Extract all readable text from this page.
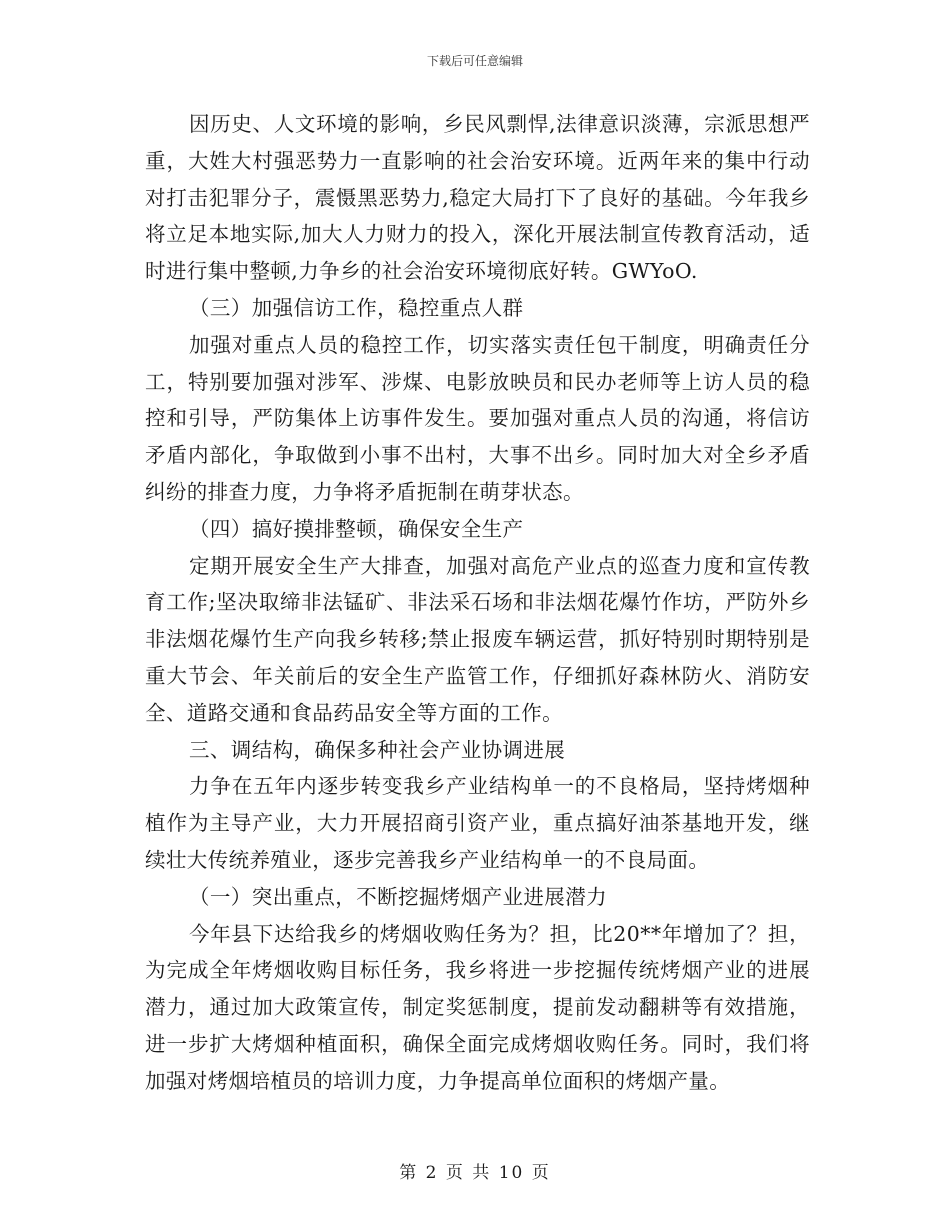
下载后可任意编辑

因历史、人文环境的影响，乡民风剽悍,法律意识淡薄，宗派思想严重，大姓大村强恶势力一直影响的社会治安环境。近两年来的集中行动对打击犯罪分子，震慑黑恶势力,稳定大局打下了良好的基础。今年我乡将立足本地实际,加大人力财力的投入，深化开展法制宣传教育活动，适时进行集中整顿,力争乡的社会治安环境彻底好转。GWYoO.

（三）加强信访工作，稳控重点人群

加强对重点人员的稳控工作，切实落实责任包干制度，明确责任分工，特别要加强对涉军、涉煤、电影放映员和民办老师等上访人员的稳控和引导，严防集体上访事件发生。要加强对重点人员的沟通，将信访矛盾内部化，争取做到小事不出村，大事不出乡。同时加大对全乡矛盾纠纷的排查力度，力争将矛盾扼制在萌芽状态。

（四）搞好摸排整顿，确保安全生产

定期开展安全生产大排查，加强对高危产业点的巡查力度和宣传教育工作;坚决取缔非法锰矿、非法采石场和非法烟花爆竹作坊，严防外乡非法烟花爆竹生产向我乡转移;禁止报废车辆运营，抓好特别时期特别是重大节会、年关前后的安全生产监管工作，仔细抓好森林防火、消防安全、道路交通和食品药品安全等方面的工作。

三、调结构，确保多种社会产业协调进展

力争在五年内逐步转变我乡产业结构单一的不良格局，坚持烤烟种植作为主导产业，大力开展招商引资产业，重点搞好油茶基地开发，继续壮大传统养殖业，逐步完善我乡产业结构单一的不良局面。

（一）突出重点，不断挖掘烤烟产业进展潜力

今年县下达给我乡的烤烟收购任务为？担，比20**年增加了？担，为完成全年烤烟收购目标任务，我乡将进一步挖掘传统烤烟产业的进展潜力，通过加大政策宣传，制定奖惩制度，提前发动翻耕等有效措施，进一步扩大烤烟种植面积，确保全面完成烤烟收购任务。同时，我们将加强对烤烟培植员的培训力度，力争提高单位面积的烤烟产量。

第 2 页 共 10 页
